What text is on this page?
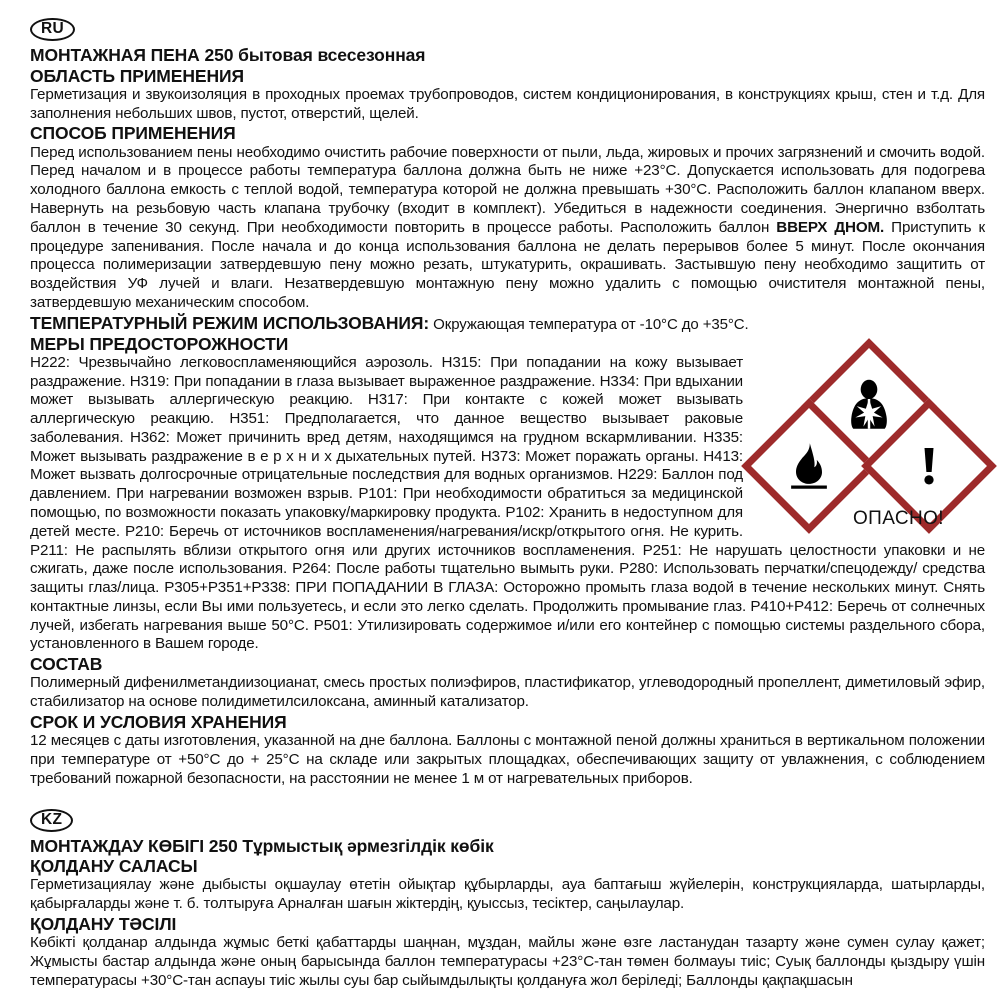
RU
МОНТАЖНАЯ ПЕНА 250 бытовая всесезонная
ОБЛАСТЬ ПРИМЕНЕНИЯ

Герметизация и звукоизоляция в проходных проемах трубопроводов, систем кондиционирования, в конструкциях крыш, стен и т.д. Для заполнения небольших швов, пустот, отверстий, щелей.

СПОСОБ ПРИМЕНЕНИЯ

Перед использованием пены необходимо очистить рабочие поверхности от пыли, льда, жировых и прочих загрязнений и смочить водой. Перед началом и в процессе работы температура баллона должна быть не ниже +23°C. Допускается использовать для подогрева холодного баллона емкость с теплой водой, температура которой не должна превышать +30°C. Расположить баллон клапаном вверх. Навернуть на резьбовую часть клапана трубочку (входит в комплект). Убедиться в надежности соединения. Энергично взболтать баллон в течение 30 секунд. При необходимости повторить в процессе работы. Расположить баллон ВВЕРХ ДНОМ. Приступить к процедуре запенивания. После начала и до конца использования баллона не делать перерывов более 5 минут. После окончания процесса полимеризации затвердевшую пену можно резать, штукатурить, окрашивать. Застывшую пену необходимо защитить от воздействия УФ лучей и влаги. Незатвердевшую монтажную пену можно удалить с помощью очистителя монтажной пены, затвердевшую механическим способом.

ТЕМПЕРАТУРНЫЙ РЕЖИМ ИСПОЛЬЗОВАНИЯ: Окружающая температура от -10°C до +35°C.
МЕРЫ ПРЕДОСТОРОЖНОСТИ
ОПАСНО!

H222: Чрезвычайно легковоспламеняющийся аэрозоль. H315: При попадании на кожу вызывает раздражение. H319: При попадании в глаза вызывает выраженное раздражение. H334: При вдыхании может вызывать аллергическую реакцию. H317: При контакте с кожей может вызывать аллергическую реакцию. H351: Предполагается, что данное вещество вызывает раковые заболевания. H362: Может причинить вред детям, находящимся на грудном вскармливании. H335: Может вызывать раздражение в е р х н и х дыхательных путей. H373: Может поражать органы. H413: Может вызвать долгосрочные отрицательные последствия для водных организмов. H229: Баллон под давлением. При нагревании возможен взрыв. P101: При необходимости обратиться за медицинской помощью, по возможности показать упаковку/маркировку продукта. P102: Хранить в недоступном для детей месте. P210: Беречь от источников воспламенения/нагревания/искр/открытого огня. Не курить. P211: Не распылять вблизи открытого огня или других источников воспламенения. P251: Не нарушать целостности упаковки и не сжигать, даже после использования. P264: После работы тщательно вымыть руки. P280: Использовать перчатки/спецодежду/ средства защиты глаз/лица. P305+P351+P338: ПРИ ПОПАДАНИИ В ГЛАЗА: Осторожно промыть глаза водой в течение нескольких минут. Снять контактные линзы, если Вы ими пользуетесь, и если это легко сделать. Продолжить промывание глаз. P410+P412: Беречь от солнечных лучей, избегать нагревания выше 50°C. P501: Утилизировать содержимое и/или его контейнер с помощью системы раздельного сбора, установленного в Вашем городе.

СОСТАВ

Полимерный дифенилметандиизоцианат, смесь простых полиэфиров, пластификатор, углеводородный пропеллент, диметиловый эфир, стабилизатор на основе полидиметилсилоксана, аминный катализатор.

СРОК И УСЛОВИЯ ХРАНЕНИЯ

12 месяцев с даты изготовления, указанной на дне баллона. Баллоны с монтажной пеной должны храниться в вертикальном положении при температуре от +50°C до + 25°C на складе или закрытых площадках, обеспечивающих защиту от увлажнения, с соблюдением требований пожарной безопасности, на расстоянии не менее 1 м от нагревательных приборов.

KZ
МОНТАЖДАУ КӨБІГІ 250 Тұрмыстық әрмезгілдік көбік
ҚОЛДАНУ САЛАСЫ

Герметизациялау және дыбысты оқшаулау өтетін ойықтар құбырларды, ауа баптағыш жүйелерін, конструкцияларда, шатырларды, қабырғаларды және т. б. толтыруға Арналған шағын жіктердің, қуыссыз, тесіктер, саңылаулар.

ҚОЛДАНУ ТӘСІЛІ

Көбікті қолданар алдында жұмыс беткі қабаттарды шаңнан, мұздан, майлы және өзге ластанудан тазарту және сумен сулау қажет; Жұмысты бастар алдында және оның барысында баллон температурасы +23°C-тан төмен болмауы тиіс; Суық баллонды қыздыру үшін температурасы +30°C-тан аспауы тиіс жылы суы бар сыйымдылықты қолдануға жол беріледі; Баллонды қақпақшасын
